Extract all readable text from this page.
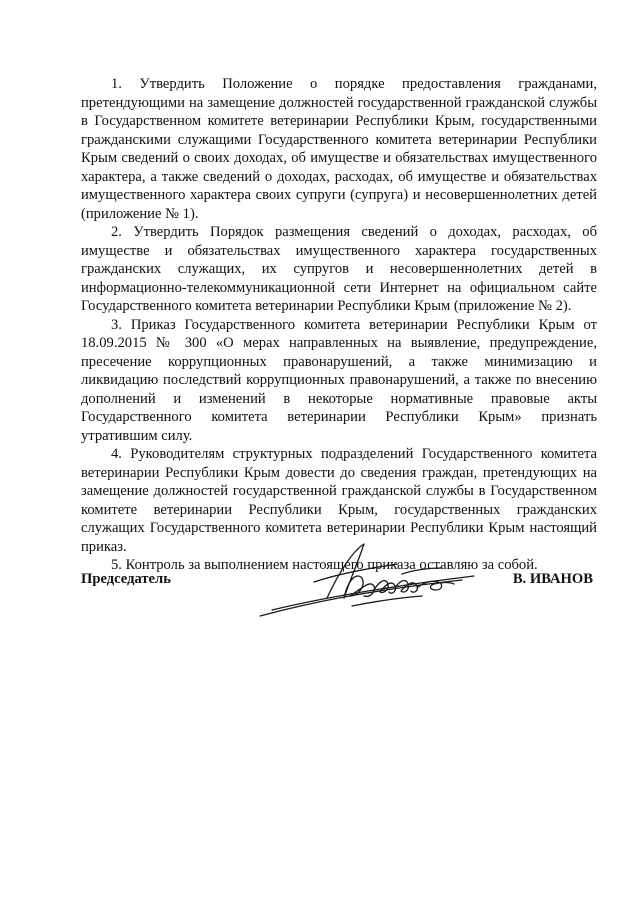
1. Утвердить Положение о порядке предоставления гражданами, претендующими на замещение должностей государственной гражданской службы в Государственном комитете ветеринарии Республики Крым, государственными гражданскими служащими Государственного комитета ветеринарии Республики Крым сведений о своих доходах, об имуществе и обязательствах имущественного характера, а также сведений о доходах, расходах, об имуществе и обязательствах имущественного характера своих супруги (супруга) и несовершеннолетних детей (приложение № 1).

2. Утвердить Порядок размещения сведений о доходах, расходах, об имуществе и обязательствах имущественного характера государственных гражданских служащих, их супругов и несовершеннолетних детей в информационно-телекоммуникационной сети Интернет на официальном сайте Государственного комитета ветеринарии Республики Крым (приложение № 2).

3. Приказ Государственного комитета ветеринарии Республики Крым от 18.09.2015 № 300 «О мерах направленных на выявление, предупреждение, пресечение коррупционных правонарушений, а также минимизацию и ликвидацию последствий коррупционных правонарушений, а также по внесению дополнений и изменений в некоторые нормативные правовые акты Государственного комитета ветеринарии Республики Крым» признать утратившим силу.

4. Руководителям структурных подразделений Государственного комитета ветеринарии Республики Крым довести до сведения граждан, претендующих на замещение должностей государственной гражданской службы в Государственном комитете ветеринарии Республики Крым, государственных гражданских служащих Государственного комитета ветеринарии Республики Крым настоящий приказ.

5. Контроль за выполнением настоящего приказа оставляю за собой.

Председатель	В. ИВАНОВ
